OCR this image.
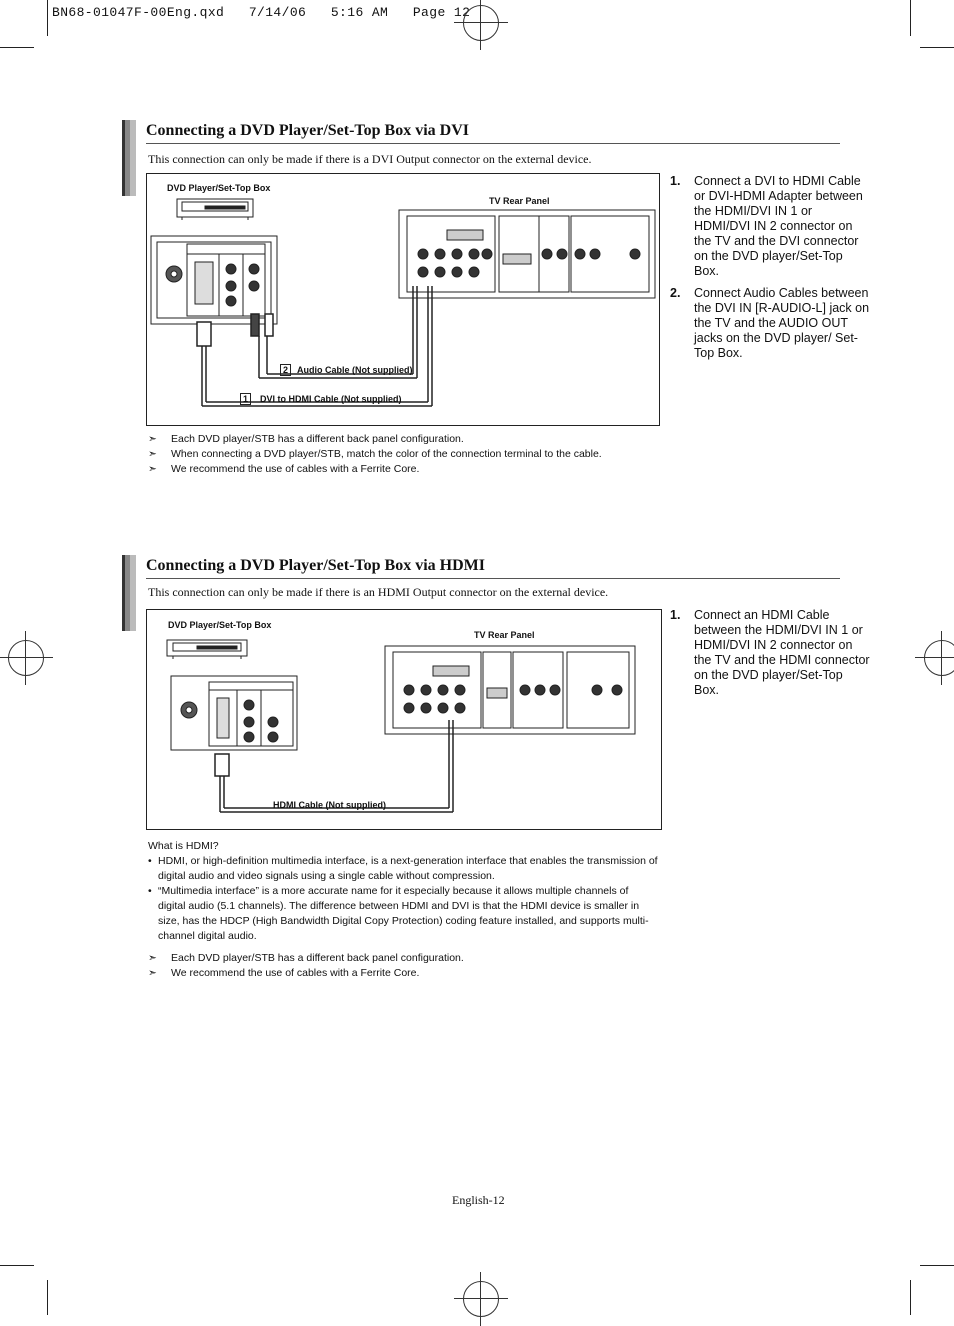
BN68-01047F-00Eng.qxd   7/14/06   5:16 AM   Page 12
Connecting a DVD Player/Set-Top Box via DVI
This connection can only be made if there is a DVI Output connector on the external device.
DVD Player/Set-Top Box
TV Rear Panel
2 Audio Cable (Not supplied)
1	DVI to HDMI Cable (Not supplied)
1. Connect a DVI to HDMI Cable or DVI-HDMI Adapter between the HDMI/DVI IN 1 or HDMI/DVI IN 2 connector on the TV and the DVI connector on the DVD player/Set-Top Box.
2. Connect Audio Cables between the DVI IN [R-AUDIO-L] jack on the TV and the AUDIO OUT jacks on the DVD player/ Set-Top Box.
➣ Each DVD player/STB has a different back panel configuration.
➣ When connecting a DVD player/STB, match the color of the connection terminal to the cable.
➣ We recommend the use of cables with a Ferrite Core.
Connecting a DVD Player/Set-Top Box via HDMI
This connection can only be made if there is an HDMI Output connector on the external device.
DVD Player/Set-Top Box
TV Rear Panel
HDMI Cable (Not supplied)
1. Connect an HDMI Cable between the HDMI/DVI IN 1 or HDMI/DVI IN 2 connector on the TV and the HDMI connector on the DVD player/Set-Top Box.
What is HDMI?
• HDMI, or high-definition multimedia interface, is a next-generation interface that enables the transmission of digital audio and video signals using a single cable without compression.
• “Multimedia interface” is a more accurate name for it especially because it allows multiple channels of digital audio (5.1 channels). The difference between HDMI and DVI is that the HDMI device is smaller in size, has the HDCP (High Bandwidth Digital Copy Protection) coding feature installed, and supports multi-channel digital audio.
➣ Each DVD player/STB has a different back panel configuration.
➣ We recommend the use of cables with a Ferrite Core.
English-12
